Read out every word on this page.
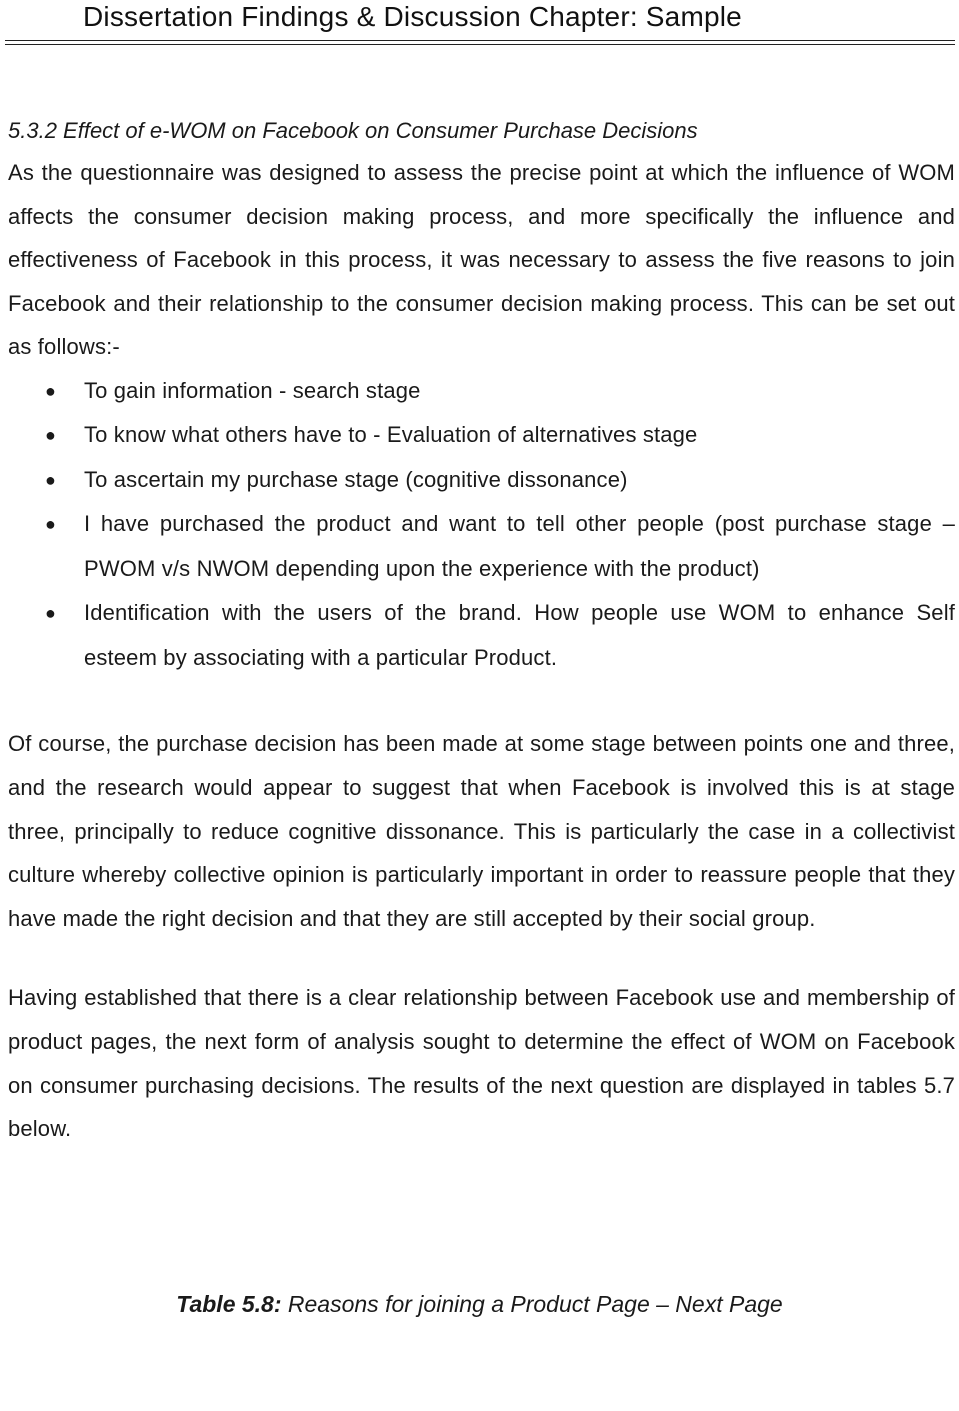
Dissertation Findings & Discussion Chapter: Sample

5.3.2 Effect of e-WOM on Facebook on Consumer Purchase Decisions

As the questionnaire was designed to assess the precise point at which the influence of WOM affects the consumer decision making process, and more specifically the influence and effectiveness of Facebook in this process, it was necessary to assess the five reasons to join Facebook and their relationship to the consumer decision making process. This can be set out as follows:-

● To gain information - search stage
● To know what others have to - Evaluation of alternatives stage
● To ascertain my purchase stage (cognitive dissonance)
● I have purchased the product and want to tell other people (post purchase stage – PWOM v/s NWOM depending upon the experience with the product)
● Identification with the users of the brand. How people use WOM to enhance Self esteem by associating with a particular Product.

Of course, the purchase decision has been made at some stage between points one and three, and the research would appear to suggest that when Facebook is involved this is at stage three, principally to reduce cognitive dissonance. This is particularly the case in a collectivist culture whereby collective opinion is particularly important in order to reassure people that they have made the right decision and that they are still accepted by their social group.

Having established that there is a clear relationship between Facebook use and membership of product pages, the next form of analysis sought to determine the effect of WOM on Facebook on consumer purchasing decisions. The results of the next question are displayed in tables 5.7 below.

Table 5.8: Reasons for joining a Product Page – Next Page
